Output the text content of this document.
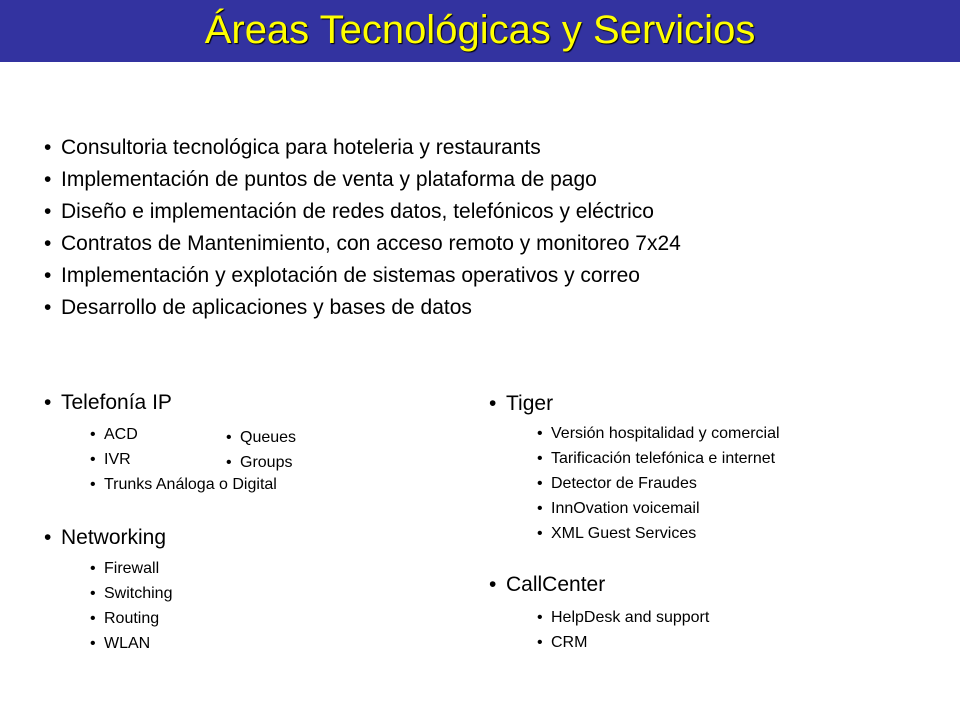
Áreas Tecnológicas y Servicios
• Consultoria tecnológica para hoteleria y restaurants
• Implementación de puntos de venta y plataforma de pago
• Diseño e implementación de redes datos, telefónicos y eléctrico
• Contratos de Mantenimiento, con acceso remoto y monitoreo 7x24
• Implementación y explotación de sistemas operativos y correo
• Desarrollo de aplicaciones y bases de datos
• Telefonía IP
• ACD
• IVR
• Trunks Análoga o Digital
• Queues
• Groups
• Networking
• Firewall
• Switching
• Routing
• WLAN
• Tiger
• Versión hospitalidad y comercial
• Tarificación telefónica e internet
• Detector de Fraudes
• InnOvation voicemail
• XML Guest Services
• CallCenter
• HelpDesk and support
• CRM
